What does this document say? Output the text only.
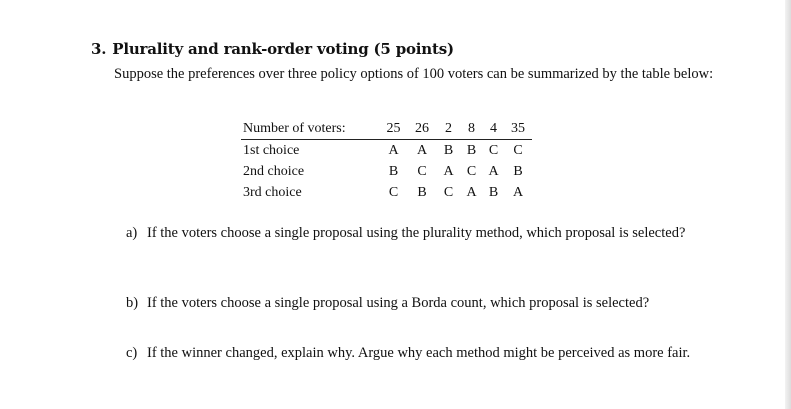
3. Plurality and rank-order voting (5 points)
Suppose the preferences over three policy options of 100 voters can be summarized by the table below:
Number of voters:	25	26	2	8	4	35
1st choice	A	A	B	B	C	C
2nd choice	B	C	A	C	A	B
3rd choice	C	B	C	A	B	A
a) If the voters choose a single proposal using the plurality method, which proposal is selected?
b) If the voters choose a single proposal using a Borda count, which proposal is selected?
c) If the winner changed, explain why. Argue why each method might be perceived as more fair.
